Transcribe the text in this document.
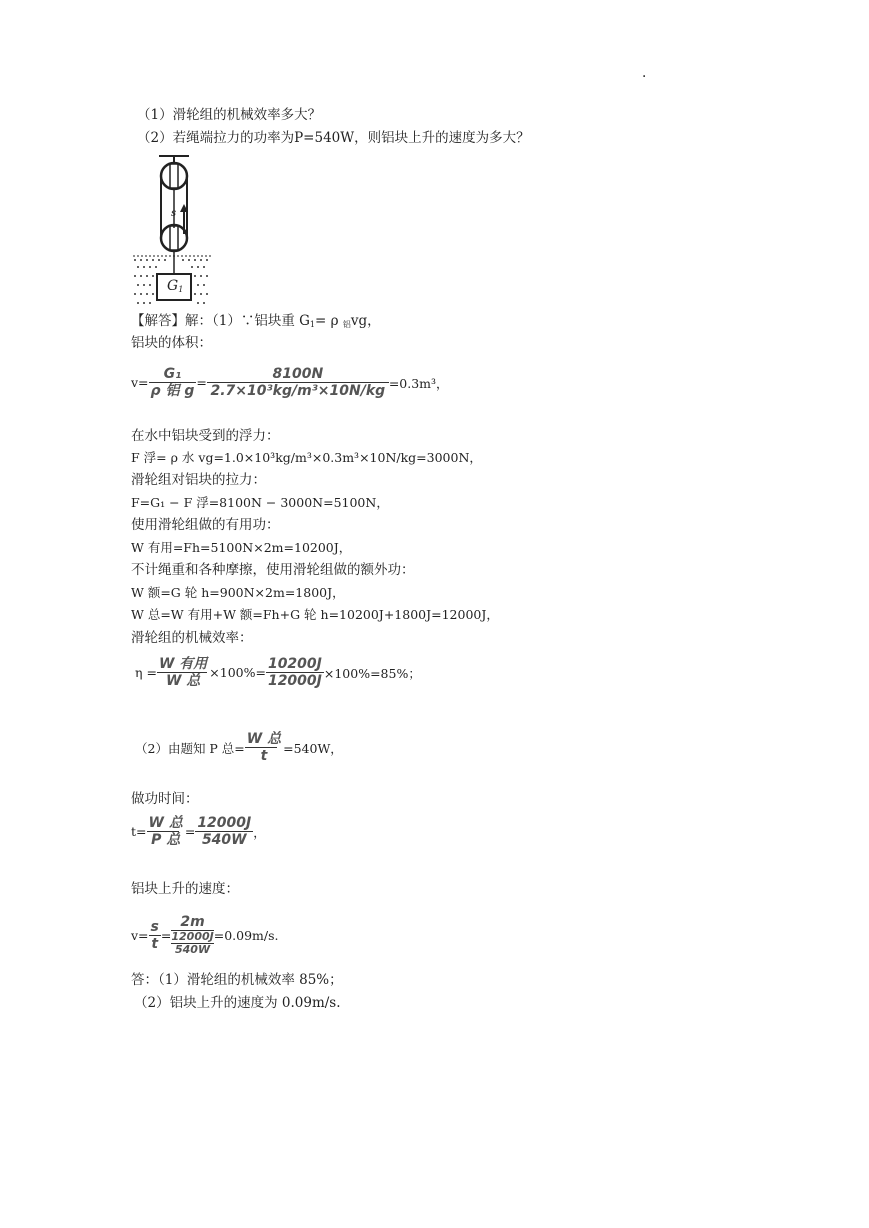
.
（1）滑轮组的机械效率多大？
（2）若绳端拉力的功率为P=540W，则铝块上升的速度为多大？
G1
s
【解答】解：（1）∵铝块重 $G_1= \rho$ $_铝$vg，
铝块的体积：
$v= \frac{\text{G₁}}{\text{ρ 铝 g}} = \frac{8100N}{\text{2.7×10³kg/m³×10N/kg}} =0.3m^3$，
在水中铝块受到的浮力：
F 浮= ρ 水 vg=1.0×10³kg/m³×0.3m³×10N/kg=3000N，
滑轮组对铝块的拉力：
F=G₁ − F 浮=8100N − 3000N=5100N，
使用滑轮组做的有用功：
W 有用=Fh=5100N×2m=10200J，
不计绳重和各种摩擦，使用滑轮组做的额外功：
W 额=G 轮 h=900N×2m=1800J，
W 总=W 有用+W 额=Fh+G 轮 h=10200J+1800J=12000J，
滑轮组的机械效率：
$\eta = \frac{\text{W 有用}}{\text{W 总}} \times 100\%= \frac{10200J}{12000J} \times 100\%=85\%$；
（2）由题知 P 总= $\frac{\text{W 总}}{t} =540W$，
做功时间：
$t= \frac{\text{W 总}}{\text{P 总}} = \frac{12000J}{540W}$ ，
铝块上升的速度：
$v= \frac{s}{t}$ =
2m
12000J
540W
=0.09m/s.
答：（1）滑轮组的机械效率 85%；
（2）铝块上升的速度为 0.09m/s.
